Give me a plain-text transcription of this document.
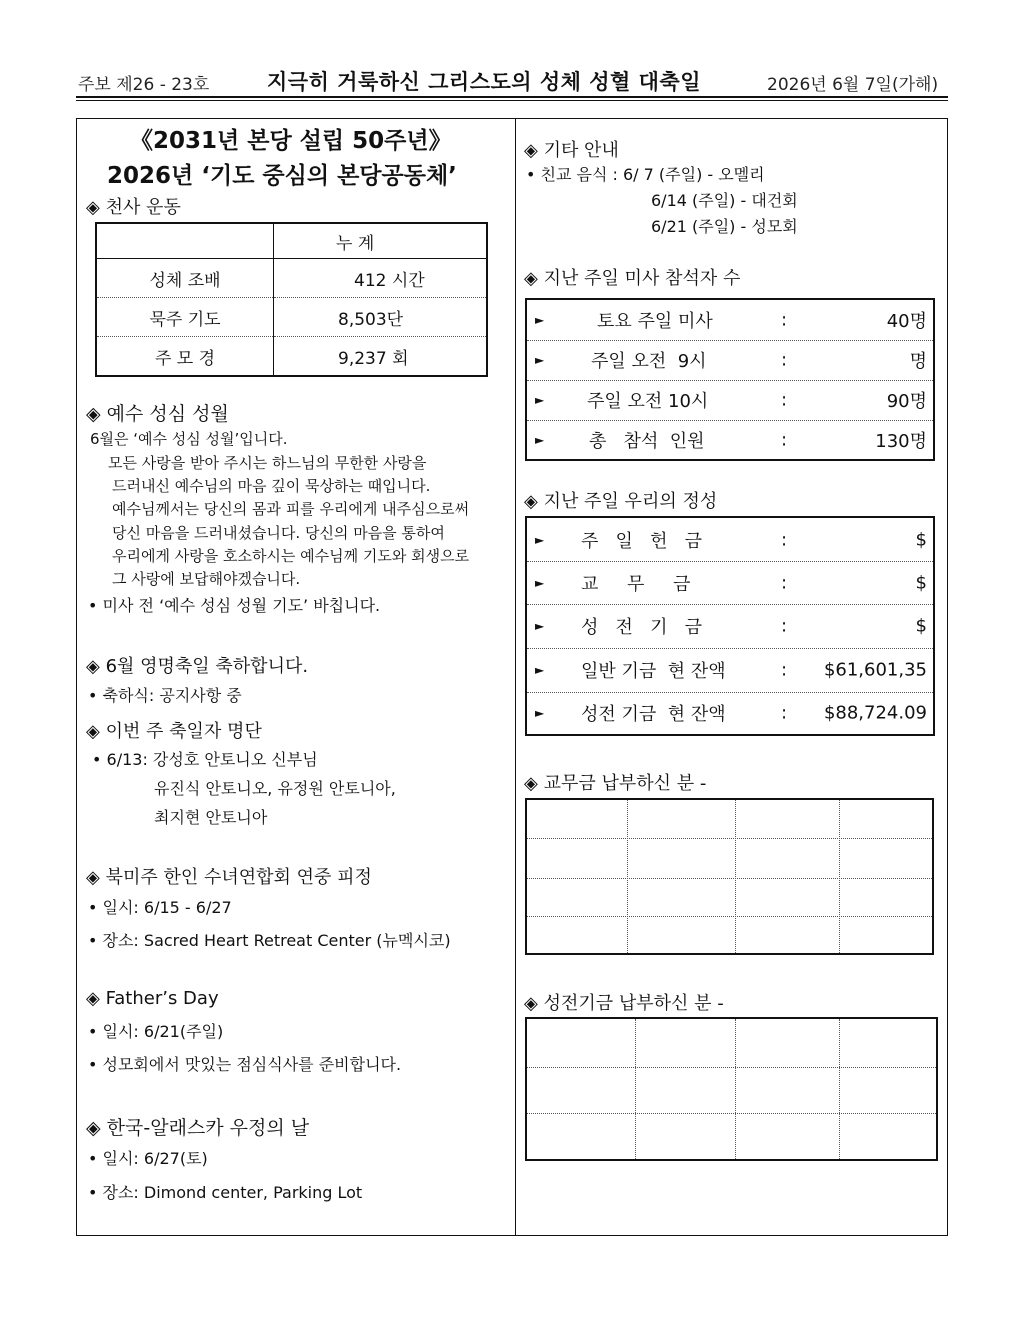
주보 제26 - 23호	지극히 거룩하신 그리스도의 성체 성혈 대축일	2026년 6월 7일(가해)
《2031년 본당 설립 50주년》
2026년 ‘기도 중심의 본당공동체’
◈ 천사 운동
	누 계
성체 조배	412 시간
묵주 기도	8,503단
주 모 경	9,237 회
◈ 예수 성심 성월
6월은 ‘예수 성심 성월’입니다.
모든 사랑을 받아 주시는 하느님의 무한한 사랑을
드러내신 예수님의 마음 깊이 묵상하는 때입니다.
예수님께서는 당신의 몸과 피를 우리에게 내주심으로써
당신 마음을 드러내셨습니다. 당신의 마음을 통하여
우리에게 사랑을 호소하시는 예수님께 기도와 회생으로
그 사랑에 보답해야겠습니다.
• 미사 전 ‘예수 성심 성월 기도’ 바칩니다.
◈ 6월 영명축일 축하합니다.
• 축하식: 공지사항 중
◈ 이번 주 축일자 명단
• 6/13: 강성호 안토니오 신부님
유진식 안토니오, 유정원 안토니아,
최지현 안토니아
◈ 북미주 한인 수녀연합회 연중 피정
• 일시: 6/15 - 6/27
• 장소: Sacred Heart Retreat Center (뉴멕시코)
◈ Father’s Day
• 일시: 6/21(주일)
• 성모회에서 맛있는 점심식사를 준비합니다.
◈ 한국-알래스카 우정의 날
• 일시: 6/27(토)
• 장소: Dimond center, Parking Lot
◈ 기타 안내
• 친교 음식 : 6/ 7 (주일) - 오멜리
6/14 (주일) - 대건회
6/21 (주일) - 성모회
◈ 지난 주일 미사 참석자 수
►	토요 주일 미사	:	40명
►	주일 오전  9시	:	명
► 주일 오전 10시	:	90명
► 총   참석  인원	:	130명
◈ 지난 주일 우리의 정성
► 주   일   헌   금	:	$
► 교     무     금	:	$
► 성   전   기   금	:	$
► 일반 기금  현 잔액	: $61,601,35
► 성전 기금  현 잔액	: $88,724.09
◈ 교무금 납부하신 분 -
◈ 성전기금 납부하신 분 -
